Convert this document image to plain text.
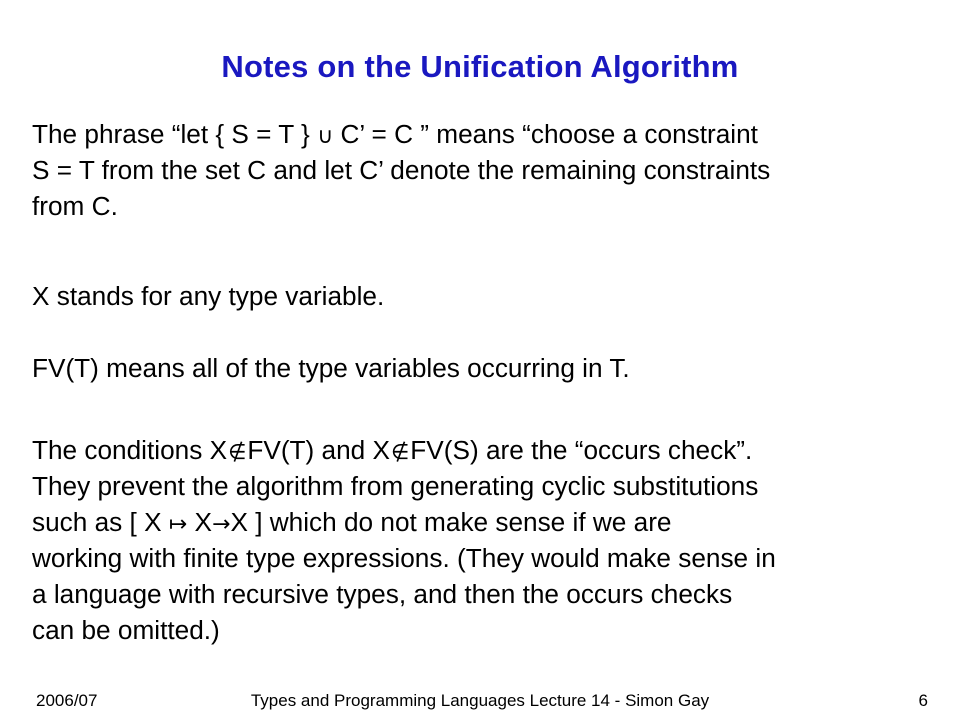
Notes on the Unification Algorithm
The phrase “let { S = T } ∪ C’ = C ” means “choose a constraint
S = T from the set C and let C’ denote the remaining constraints
from C.
X stands for any type variable.
FV(T) means all of the type variables occurring in T.
The conditions X∉FV(T) and X∉FV(S) are the “occurs check”.
They prevent the algorithm from generating cyclic substitutions
such as [ X ↦ X→X ] which do not make sense if we are
working with finite type expressions. (They would make sense in
a language with recursive types, and then the occurs checks
can be omitted.)
2006/07	Types and Programming Languages Lecture 14 - Simon Gay	6
